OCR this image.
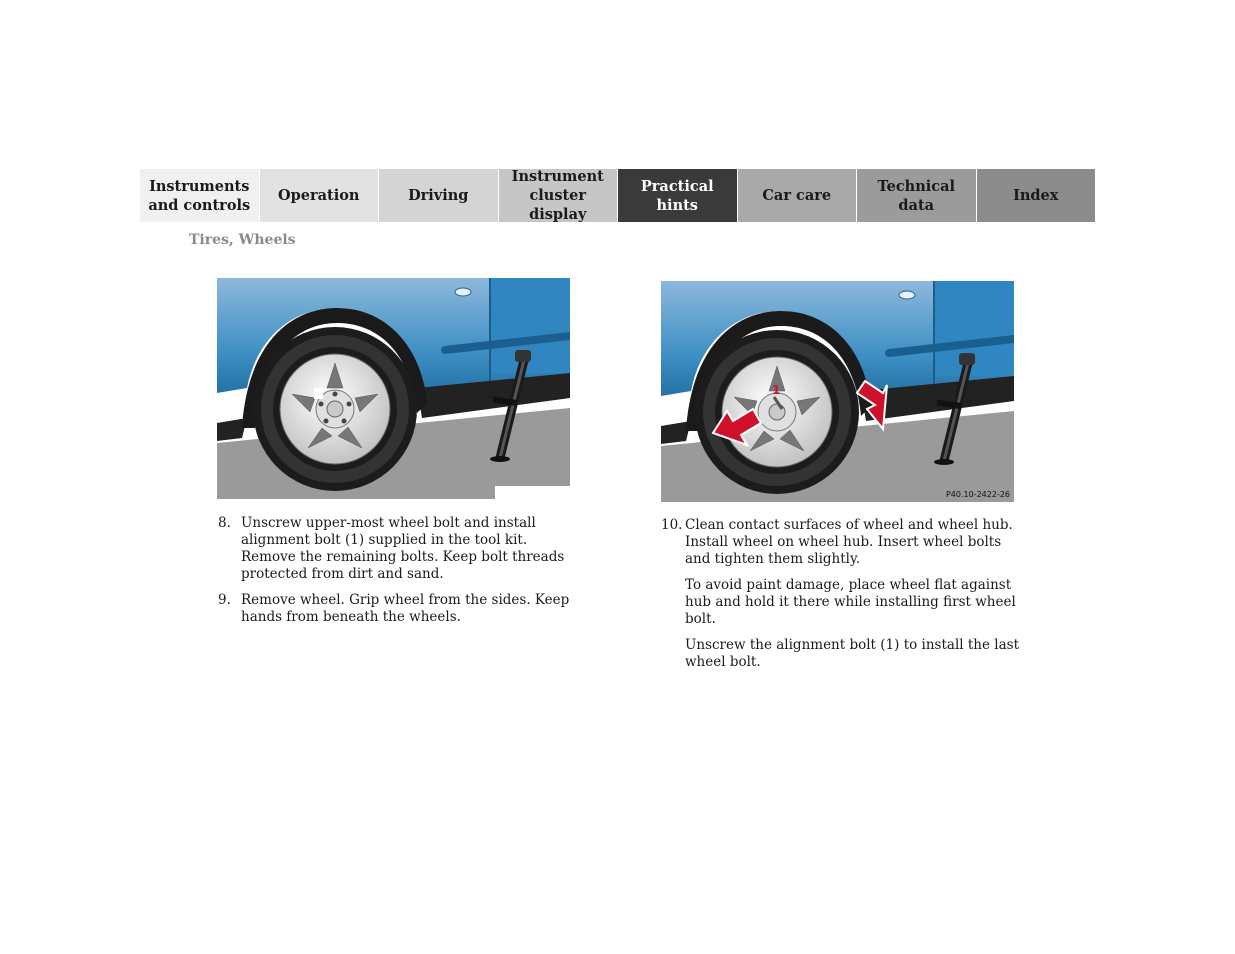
Instruments
and controls
Operation	Driving
Instrument
cluster display
Practical hints
Car care
Technical
data
Index
Tires, Wheels
1
P40.10-2422-26
8. Unscrew upper-most wheel bolt and install alignment bolt (1) supplied in the tool kit. Remove the remaining bolts. Keep bolt threads protected from dirt and sand.
9. Remove wheel. Grip wheel from the sides. Keep hands from beneath the wheels.
10. Clean contact surfaces of wheel and wheel hub. Install wheel on wheel hub. Insert wheel bolts and tighten them slightly.

To avoid paint damage, place wheel flat against hub and hold it there while installing first wheel bolt.

Unscrew the alignment bolt (1) to install the last wheel bolt.
